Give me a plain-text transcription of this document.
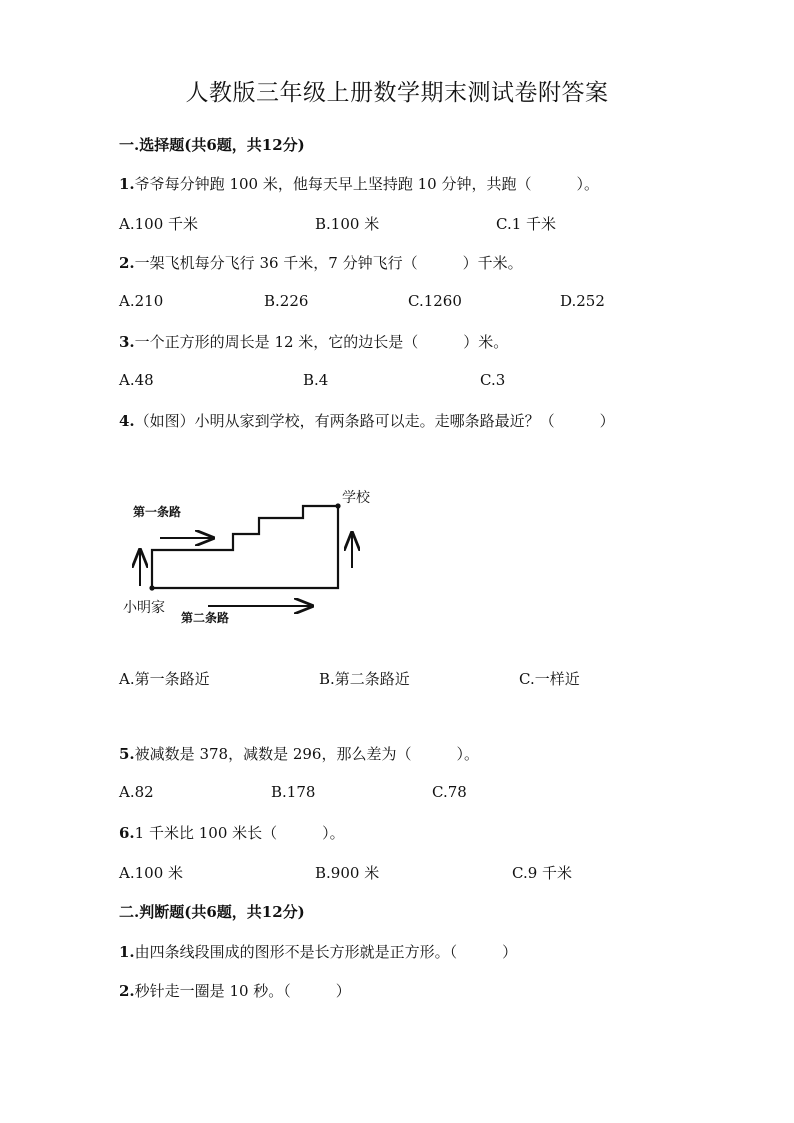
人教版三年级上册数学期末测试卷附答案
一.选择题(共6题，共12分)
1.爷爷每分钟跑 100 米，他每天早上坚持跑 10 分钟，共跑（　　　）。
A.100 千米	B.100 米	C.1 千米
2.一架飞机每分飞行 36 千米，7 分钟飞行（　　　）千米。
A.210	B.226	C.1260	D.252
3.一个正方形的周长是 12 米，它的边长是（　　　）米。
A.48	B.4	C.3
4.（如图）小明从家到学校，有两条路可以走。走哪条路最近？（　　　）
学校
第一条路
第二条路
小明家
A.第一条路近	B.第二条路近	C.一样近
5.被减数是 378，减数是 296，那么差为（　　　）。
A.82	B.178	C.78
6.1 千米比 100 米长（　　　）。
A.100 米	B.900 米	C.9 千米
二.判断题(共6题，共12分)
1.由四条线段围成的图形不是长方形就是正方形。（　　　）
2.秒针走一圈是 10 秒。（　　　）
